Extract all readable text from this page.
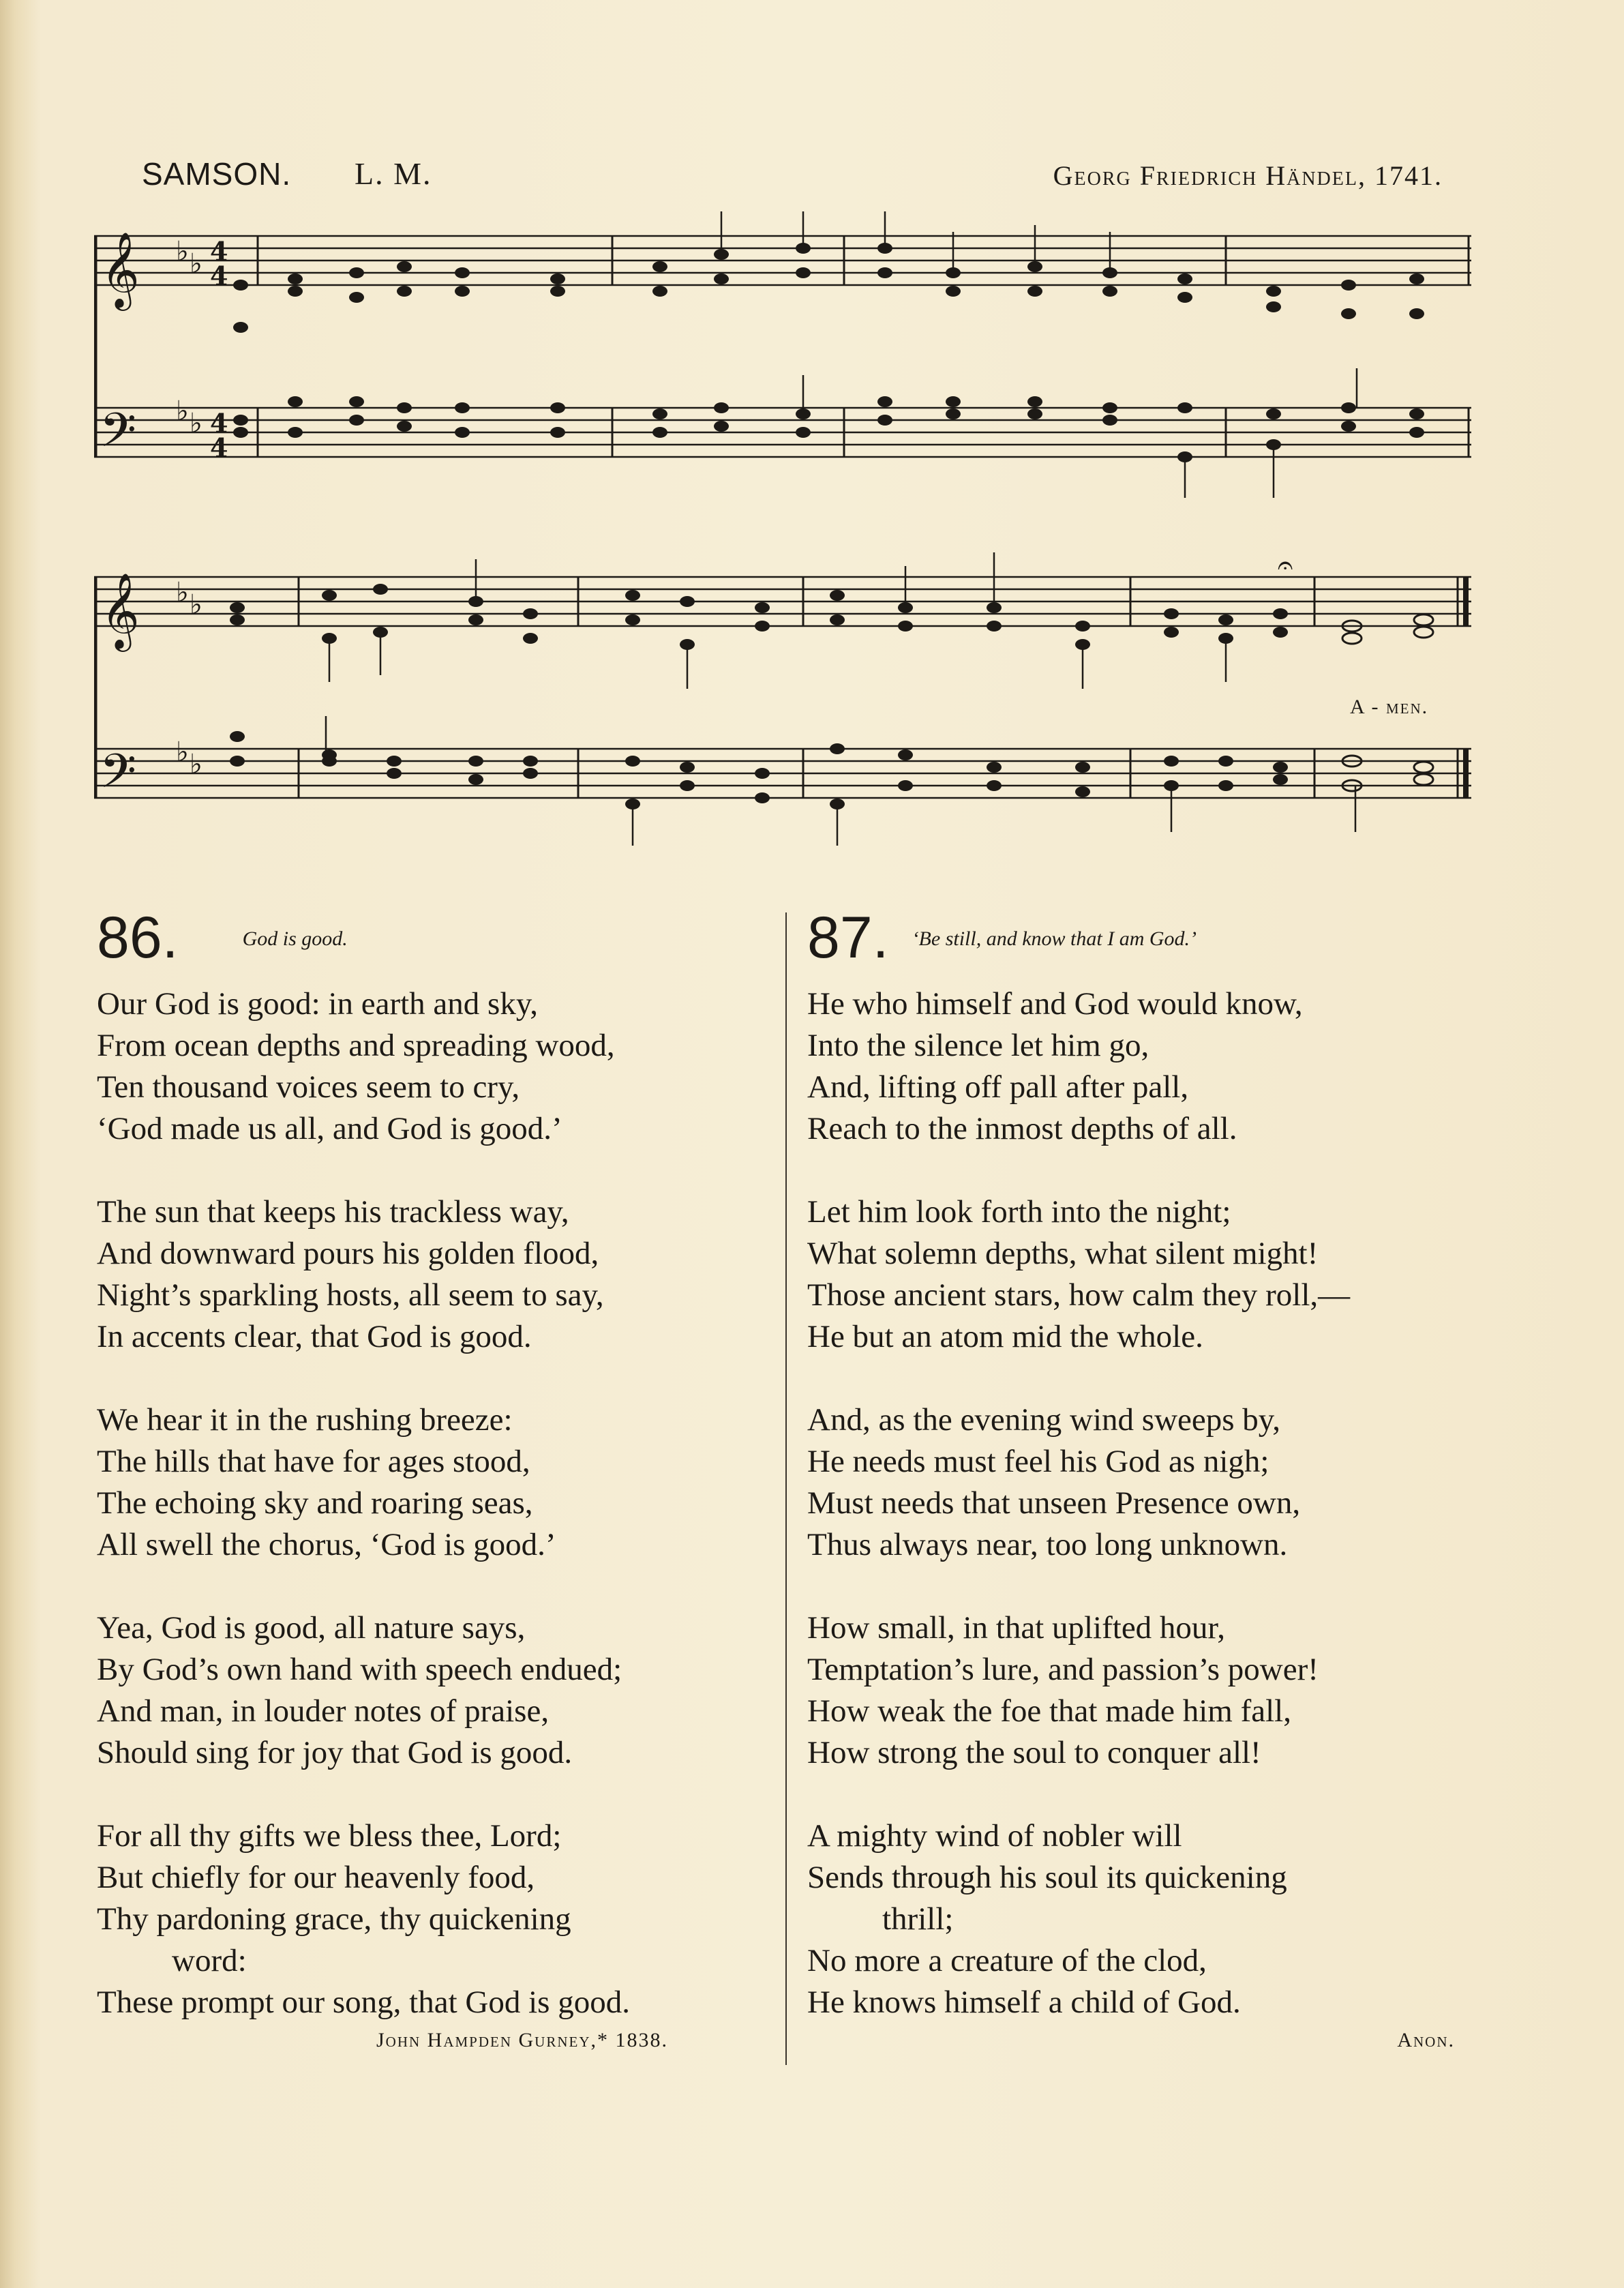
SAMSON. L. M.	Georg Friedrich Händel, 1741.
𝄞
𝄢
♭ ♭
♭ ♭
4
4
4
4
𝄞
𝄢
♭ ♭
♭ ♭
𝄐
A - men.
86.	God is good.
Our God is good: in earth and sky,
From ocean depths and spreading wood,
Ten thousand voices seem to cry,
‘God made us all, and God is good.’
The sun that keeps his trackless way,
And downward pours his golden flood,
Night’s sparkling hosts, all seem to say,
In accents clear, that God is good.
We hear it in the rushing breeze:
The hills that have for ages stood,
The echoing sky and roaring seas,
All swell the chorus, ‘God is good.’
Yea, God is good, all nature says,
By God’s own hand with speech endued;
And man, in louder notes of praise,
Should sing for joy that God is good.
For all thy gifts we bless thee, Lord;
But chiefly for our heavenly food,
Thy pardoning grace, thy quickening
word:
These prompt our song, that God is good.
John Hampden Gurney,* 1838.
87. ‘Be still, and know that I am God.’
He who himself and God would know,
Into the silence let him go,
And, lifting off pall after pall,
Reach to the inmost depths of all.
Let him look forth into the night;
What solemn depths, what silent might!
Those ancient stars, how calm they roll,—
He but an atom mid the whole.
And, as the evening wind sweeps by,
He needs must feel his God as nigh;
Must needs that unseen Presence own,
Thus always near, too long unknown.
How small, in that uplifted hour,
Temptation’s lure, and passion’s power!
How weak the foe that made him fall,
How strong the soul to conquer all!
A mighty wind of nobler will
Sends through his soul its quickening
thrill;
No more a creature of the clod,
He knows himself a child of God.
Anon.
